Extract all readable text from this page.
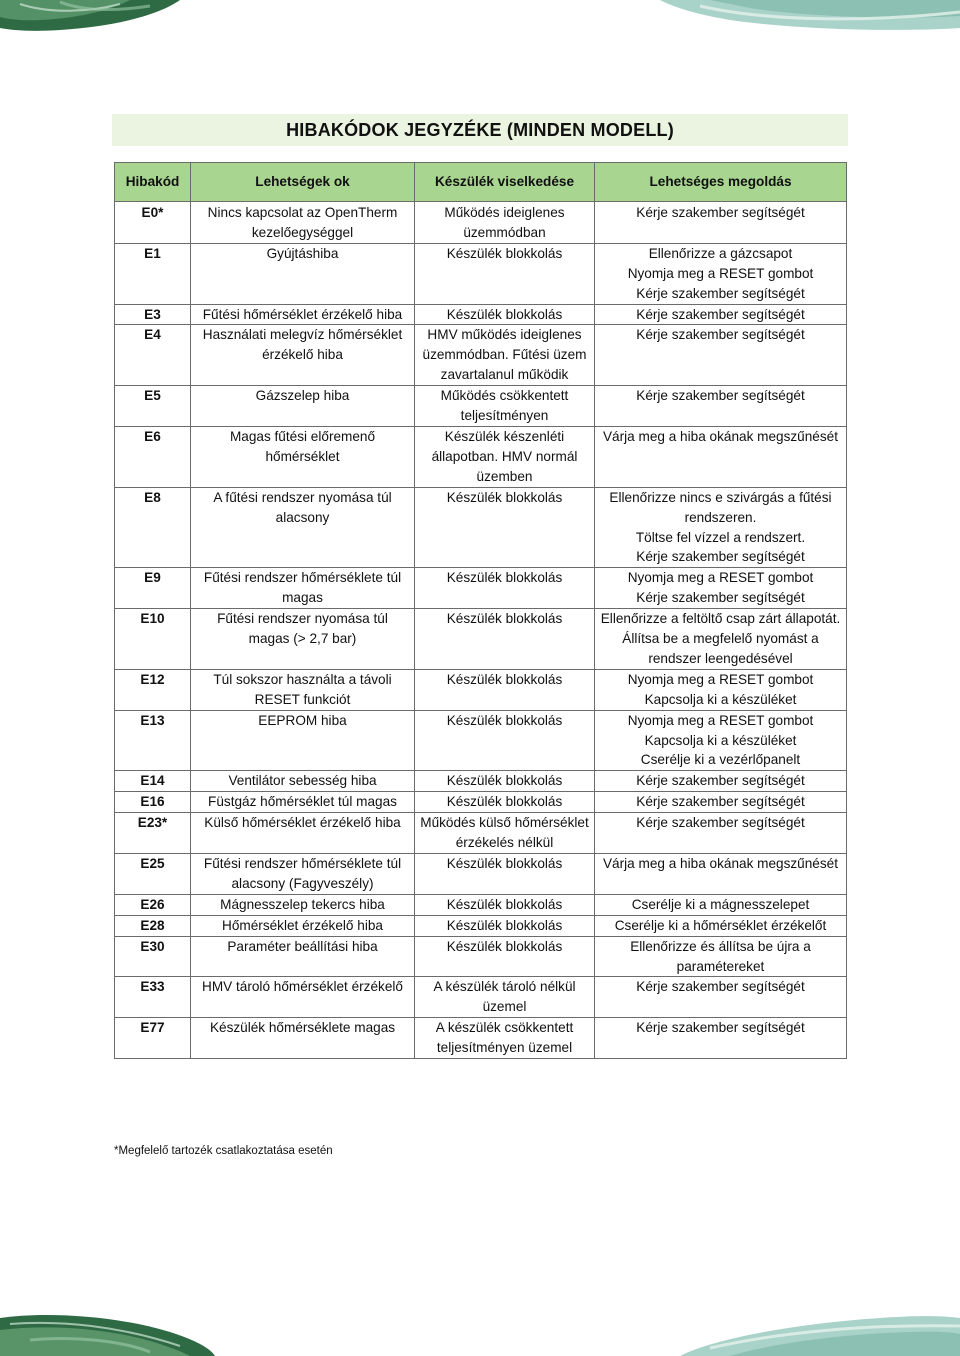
HIBAKÓDOK JEGYZÉKE (MINDEN MODELL)
Hibakód	Lehetségek ok	Készülék viselkedése	Lehetséges megoldás
E0*	Nincs kapcsolat az OpenTherm kezelőegységgel	Működés ideiglenes üzemmódban	Kérje szakember segítségét

E1	Gyújtáshiba	Készülék blokkolás	Ellenőrizze a gázcsapot
Nyomja meg a RESET gombot
Kérje szakember segítségét

E3	Fűtési hőmérséklet érzékelő hiba	Készülék blokkolás	Kérje szakember segítségét

E4	Használati melegvíz hőmérséklet érzékelő hiba	HMV működés ideiglenes üzemmódban. Fűtési üzem zavartalanul működik	Kérje szakember segítségét

E5	Gázszelep hiba	Működés csökkentett teljesítményen	Kérje szakember segítségét

E6	Magas fűtési előremenő hőmérséklet	Készülék készenléti állapotban. HMV normál üzemben	Várja meg a hiba okának megszűnését

E8	A fűtési rendszer nyomása túl alacsony	Készülék blokkolás	Ellenőrizze nincs e szivárgás a fűtési rendszeren.
Töltse fel vízzel a rendszert.
Kérje szakember segítségét

E9	Fűtési rendszer hőmérséklete túl magas	Készülék blokkolás	Nyomja meg a RESET gombot
Kérje szakember segítségét

E10	Fűtési rendszer nyomása túl magas (> 2,7 bar)	Készülék blokkolás	Ellenőrizze a feltöltő csap zárt állapotát.
Állítsa be a megfelelő nyomást a rendszer leengedésével

E12	Túl sokszor használta a távoli RESET funkciót	Készülék blokkolás	Nyomja meg a RESET gombot
Kapcsolja ki a készüléket

E13	EEPROM hiba	Készülék blokkolás	Nyomja meg a RESET gombot
Kapcsolja ki a készüléket
Cserélje ki a vezérlőpanelt

E14	Ventilátor sebesség hiba	Készülék blokkolás	Kérje szakember segítségét

E16	Füstgáz hőmérséklet túl magas	Készülék blokkolás	Kérje szakember segítségét

E23*	Külső hőmérséklet érzékelő hiba	Működés külső hőmérséklet érzékelés nélkül	Kérje szakember segítségét

E25	Fűtési rendszer hőmérséklete túl alacsony (Fagyveszély)	Készülék blokkolás	Várja meg a hiba okának megszűnését

E26	Mágnesszelep tekercs hiba	Készülék blokkolás	Cserélje ki a mágnesszelepet

E28	Hőmérséklet érzékelő hiba	Készülék blokkolás	Cserélje ki a hőmérséklet érzékelőt

E30	Paraméter beállítási hiba	Készülék blokkolás	Ellenőrizze és állítsa be újra a paramétereket

E33	HMV tároló hőmérséklet érzékelő	A készülék tároló nélkül üzemel	Kérje szakember segítségét

E77	Készülék hőmérséklete magas	A készülék csökkentett teljesítményen üzemel	Kérje szakember segítségét
*Megfelelő tartozék csatlakoztatása esetén
